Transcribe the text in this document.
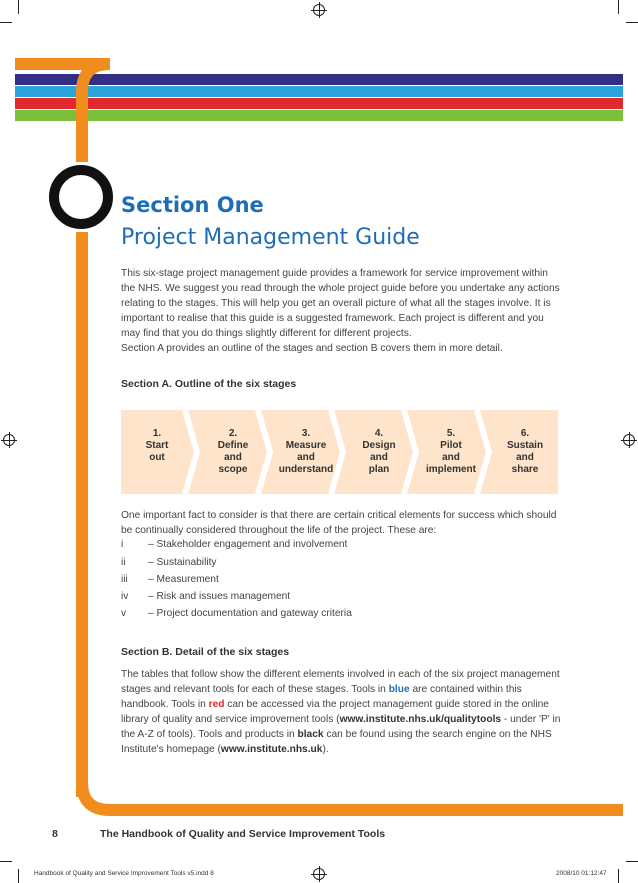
Section One
Project Management Guide

This six-stage project management guide provides a framework for service improvement within the NHS. We suggest you read through the whole project guide before you undertake any actions relating to the stages. This will help you get an overall picture of what all the stages involve. It is important to realise that this guide is a suggested framework. Each project is different and you may find that you do things slightly different for different projects.

Section A provides an outline of the stages and section B covers them in more detail.

Section A. Outline of the six stages
1.
Start
out
2.
Define
and
scope
3.
Measure
and
understand
4.
Design
and
plan
5.
Pilot
and
implement
6.
Sustain
and
share

One important fact to consider is that there are certain critical elements for success which should be continually considered throughout the life of the project. These are:

i – Stakeholder engagement and involvement
ii – Sustainability
iii – Measurement
iv – Risk and issues management
v – Project documentation and gateway criteria
Section B. Detail of the six stages

The tables that follow show the different elements involved in each of the six project management stages and relevant tools for each of these stages. Tools in blue are contained within this handbook. Tools in red can be accessed via the project management guide stored in the online library of quality and service improvement tools (www.institute.nhs.uk/qualitytools - under 'P' in the A-Z of tools). Tools and products in black can be found using the search engine on the NHS Institute's homepage (www.institute.nhs.uk).

8	The Handbook of Quality and Service Improvement Tools
Handbook of Quality and Service Improvement Tools v5.indd 8	2008/10 01:12:47
